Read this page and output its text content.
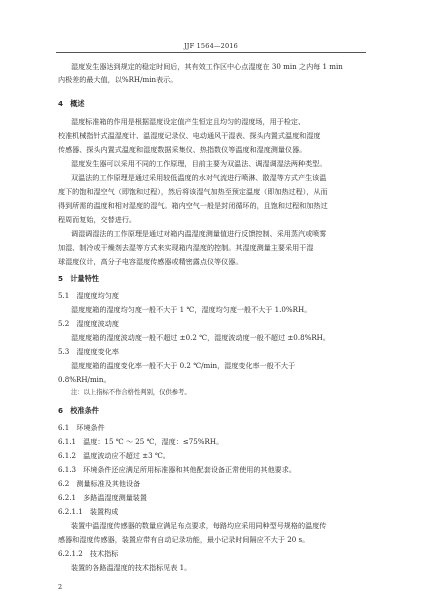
JJF 1564—2016
湿度发生器达到规定的稳定时间后，其有效工作区中心点湿度在 30 min 之内每 1 min
内极差的最大值，以%RH/min表示。
4　概述
湿度标准箱的作用是根据湿度设定值产生恒定且均匀的湿度场，用于检定、
校准机械指针式温湿度计、温湿度记录仪、电动通风干湿表、探头内置式温度和湿度
传感器、探头内置式温度和湿度数据采集仪、热指数仪等温度和湿度测量仪器。
湿度发生器可以采用不同的工作原理，目前主要为双温法、调湿调湿法两种类型。
双温法的工作原理是通过采用较低温度的水对气流进行喷淋、散湿等方式产生该温
度下的饱和湿空气（即饱和过程），然后将该湿气加热至预定温度（即加热过程），从而
得到所需的温度和相对湿度的湿气。箱内空气一般是封闭循环的，且饱和过程和加热过
程周而复始，交替进行。
调湿调湿法的工作原理是通过对箱内温湿度测量值进行反馈控制、采用蒸汽或喷雾
加湿、制冷或干燥剂去湿等方式来实现箱内湿度的控制。其湿度测量主要采用干湿
球湿度仪计，高分子电容湿度传感器或精密露点仪等仪器。
5　计量特性
5.1　湿度度均匀度
湿度度箱的湿度均匀度一般不大于 1 ℃，湿度均匀度一般不大于 1.0%RH。
5.2　湿度度波动度
湿度度箱的湿度波动度一般不超过 ±0.2 ℃，湿度波动度一般不超过 ±0.8%RH。
5.3　湿度度变化率
湿度度箱的温度变化率一般不大于 0.2 ℃/min，湿度变化率一般不大于
0.8%RH/min。
注：以上指标不作合格性判别，仅供参考。
6　校准条件
6.1　环境条件
6.1.1　温度：15 ℃ ～ 25 ℃，湿度：≤75%RH。
6.1.2　温度波动应不超过 ±3 ℃。
6.1.3　环境条件还应满足所用标准器和其他配套设备正常使用的其他要求。
6.2　测量标准及其他设备
6.2.1　多路温湿度测量装置
6.2.1.1　装置构成
装置中温湿度传感器的数量应满足布点要求，每路均应采用同种型号规格的温度传
感器和湿度传感器，装置应带有自动记录功能，最小记录时间隔应不大于 20 s。
6.2.1.2　技术指标
装置的各路温湿度的技术指标见表 1。
2
